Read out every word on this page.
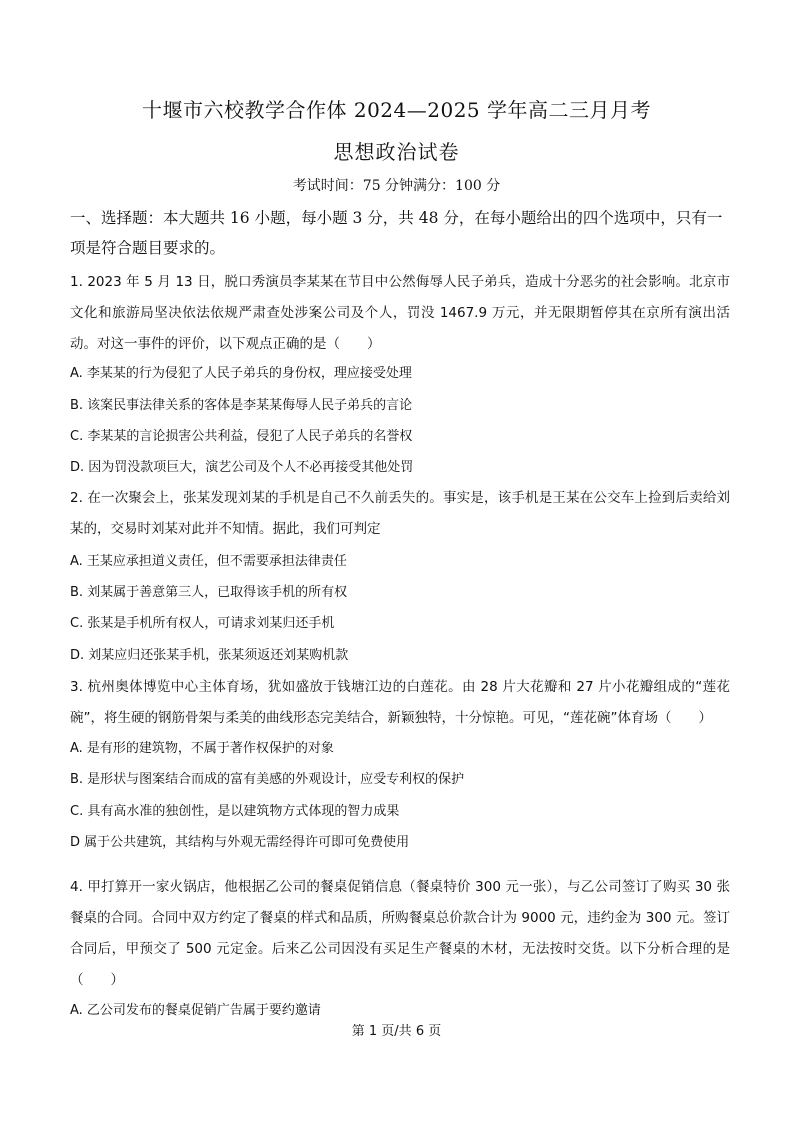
十堰市六校教学合作体 2024—2025 学年高二三月月考
思想政治试卷
考试时间：75 分钟满分：100 分
一、选择题：本大题共 16 小题，每小题 3 分，共 48 分，在每小题给出的四个选项中，只有一项是符合题目要求的。
1. 2023 年 5 月 13 日，脱口秀演员李某某在节目中公然侮辱人民子弟兵，造成十分恶劣的社会影响。北京市文化和旅游局坚决依法依规严肃查处涉案公司及个人，罚没 1467.9 万元，并无限期暂停其在京所有演出活动。对这一事件的评价，以下观点正确的是（　　）
A. 李某某的行为侵犯了人民子弟兵的身份权，理应接受处理
B. 该案民事法律关系的客体是李某某侮辱人民子弟兵的言论
C. 李某某的言论损害公共利益，侵犯了人民子弟兵的名誉权
D. 因为罚没款项巨大，演艺公司及个人不必再接受其他处罚
2. 在一次聚会上，张某发现刘某的手机是自己不久前丢失的。事实是，该手机是王某在公交车上捡到后卖给刘某的，交易时刘某对此并不知情。据此，我们可判定
A. 王某应承担道义责任，但不需要承担法律责任
B. 刘某属于善意第三人，已取得该手机的所有权
C. 张某是手机所有权人，可请求刘某归还手机
D. 刘某应归还张某手机，张某须返还刘某购机款
3. 杭州奥体博览中心主体育场，犹如盛放于钱塘江边的白莲花。由 28 片大花瓣和 27 片小花瓣组成的“莲花碗”，将生硬的钢筋骨架与柔美的曲线形态完美结合，新颖独特，十分惊艳。可见，“莲花碗”体育场（　　）
A. 是有形的建筑物，不属于著作权保护的对象
B. 是形状与图案结合而成的富有美感的外观设计，应受专利权的保护
C. 具有高水准的独创性，是以建筑物方式体现的智力成果
D 属于公共建筑，其结构与外观无需经得许可即可免费使用
4. 甲打算开一家火锅店，他根据乙公司的餐桌促销信息（餐桌特价 300 元一张），与乙公司签订了购买 30 张餐桌的合同。合同中双方约定了餐桌的样式和品质，所购餐桌总价款合计为 9000 元，违约金为 300 元。签订合同后，甲预交了 500 元定金。后来乙公司因没有买足生产餐桌的木材，无法按时交货。以下分析合理的是（　　）
A. 乙公司发布的餐桌促销广告属于要约邀请
第 1 页/共 6 页
